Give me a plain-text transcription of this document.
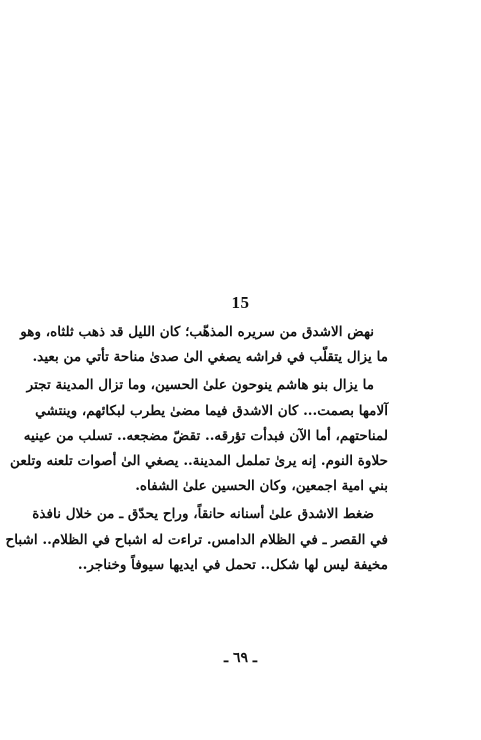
15
نهض الاشدق من سريره المذهّب؛ كان الليل قد ذهب ثلثاه، وهو
ما يزال يتقلّب في فراشه يصغي الىٰ صدىٰ مناحة تأتي من بعيد.
ما يزال بنو هاشم ينوحون علىٰ الحسين، وما تزال المدينة تجتر
آلامها بصمت... كان الاشدق فيما مضىٰ يطرب لبكائهم، وينتشي
لمناحتهم، أما الآن فبدأت تؤرقه.. تقضّ مضجعه.. تسلب من عينيه
حلاوة النوم. إنه يرىٰ تململ المدينة.. يصغي الىٰ أصوات تلعنه وتلعن
بني امية اجمعين، وكان الحسين علىٰ الشفاه.
ضغط الاشدق علىٰ أسنانه حانقاً، وراح يحدّق ـ من خلال نافذة
في القصر ـ في الظلام الدامس. تراءت له اشباح في الظلام.. اشباح
مخيفة ليس لها شكل.. تحمل في ايديها سيوفاً وخناجر..
ـ ٦٩ ـ
